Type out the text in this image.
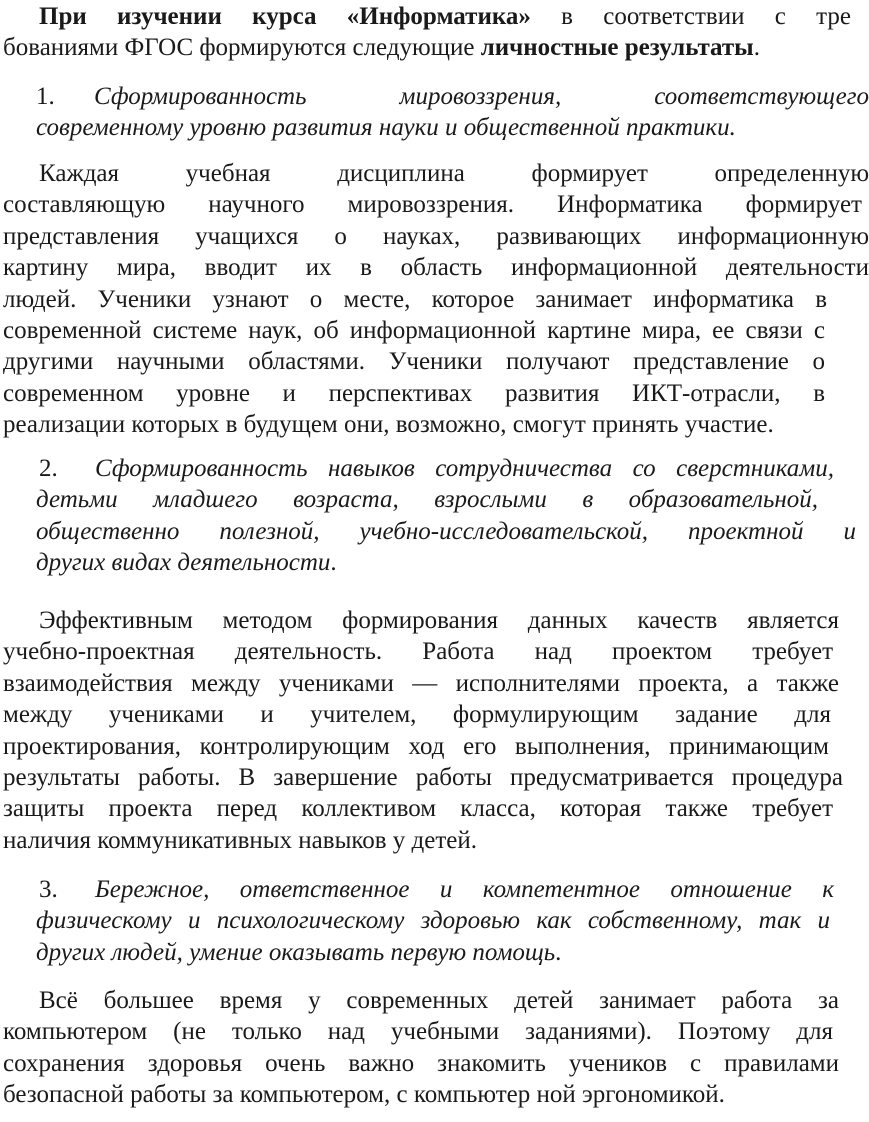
При изучении курса «Информатика» в соответствии с тре
бованиями ФГОС формируются следующие личностные результаты.
1. Сформированность мировоззрения, соответствующего
современному уровню развития науки и общественной практики.
Каждая учебная дисциплина формирует определенную
составляющую научного мировоззрения. Информатика формирует
представления учащихся о науках, развивающих информационную
картину мира, вводит их в область информационной деятельности
людей. Ученики узнают о месте, которое занимает информатика в
современной системе наук, об информационной картине мира, ее связи с
другими научными областями. Ученики получают представление о
современном уровне и перспективах развития ИКТ-отрасли, в
реализации которых в будущем они, возможно, смогут принять участие.
2. Сформированность навыков сотрудничества со сверстниками,
детьми младшего возраста, взрослыми в образовательной,
общественно полезной, учебно-исследовательской, проектной и
других видах деятельности.
Эффективным методом формирования данных качеств является
учебно-проектная деятельность. Работа над проектом требует
взаимодействия между учениками — исполнителями проекта, а также
между учениками и учителем, формулирующим задание для
проектирования, контролирующим ход его выполнения, принимающим
результаты работы. В завершение работы предусматривается процедура
защиты проекта перед коллективом класса, которая также требует
наличия коммуникативных навыков у детей.
3. Бережное, ответственное и компетентное отношение к
физическому и психологическому здоровью как собственному, так и
других людей, умение оказывать первую помощь.
Всё большее время у современных детей занимает работа за
компьютером (не только над учебными заданиями). Поэтому для
сохранения здоровья очень важно знакомить учеников с правилами
безопасной работы за компьютером, с компьютер ной эргономикой.
